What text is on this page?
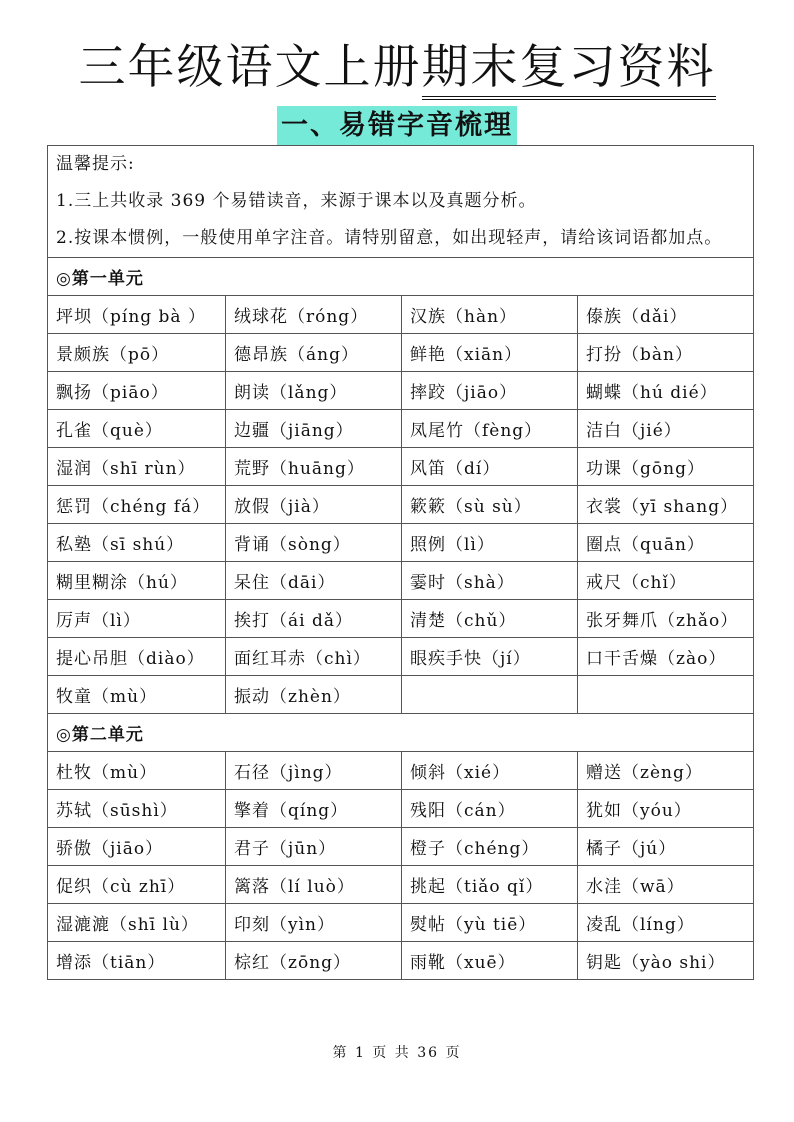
三年级语文上册期末复习资料
一、易错字音梳理
温馨提示:
1.三上共收录 369 个易错读音，来源于课本以及真题分析。
2.按课本惯例，一般使用单字注音。请特别留意，如出现轻声，请给该词语都加点。			

◎第一单元			
坪坝（píng bà ）	绒球花（róng）	汉族（hàn）	傣族（dǎi）
景颇族（pō）	德昂族（áng）	鲜艳（xiān）	打扮（bàn）
飘扬（piāo）	朗读（lǎng）	摔跤（jiāo）	蝴蝶（hú dié）
孔雀（què）	边疆（jiāng）	凤尾竹（fèng）	洁白（jié）
湿润（shī rùn）	荒野（huāng）	风笛（dí）	功课（gōng）
惩罚（chéng fá）	放假（jià）	簌簌（sù sù）	衣裳（yī shang）
私塾（sī shú）	背诵（sòng）	照例（lì）	圈点（quān）
糊里糊涂（hú）	呆住（dāi）	霎时（shà）	戒尺（chǐ）
厉声（lì）	挨打（ái dǎ）	清楚（chǔ）	张牙舞爪（zhǎo）
提心吊胆（diào）	面红耳赤（chì）	眼疾手快（jí）	口干舌燥（zào）
牧童（mù）	振动（zhèn）		
◎第二单元			
杜牧（mù）	石径（jìng）	倾斜（xié）	赠送（zèng）
苏轼（sūshì）	擎着（qíng）	残阳（cán）	犹如（yóu）
骄傲（jiāo）	君子（jūn）	橙子（chéng）	橘子（jú）
促织（cù zhī）	篱落（lí luò）	挑起（tiǎo qǐ）	水洼（wā）
湿漉漉（shī lù）	印刻（yìn）	熨帖（yù tiē）	凌乱（líng）
增添（tiān）	棕红（zōng）	雨靴（xuē）	钥匙（yào shi）
第 1 页 共 36 页
